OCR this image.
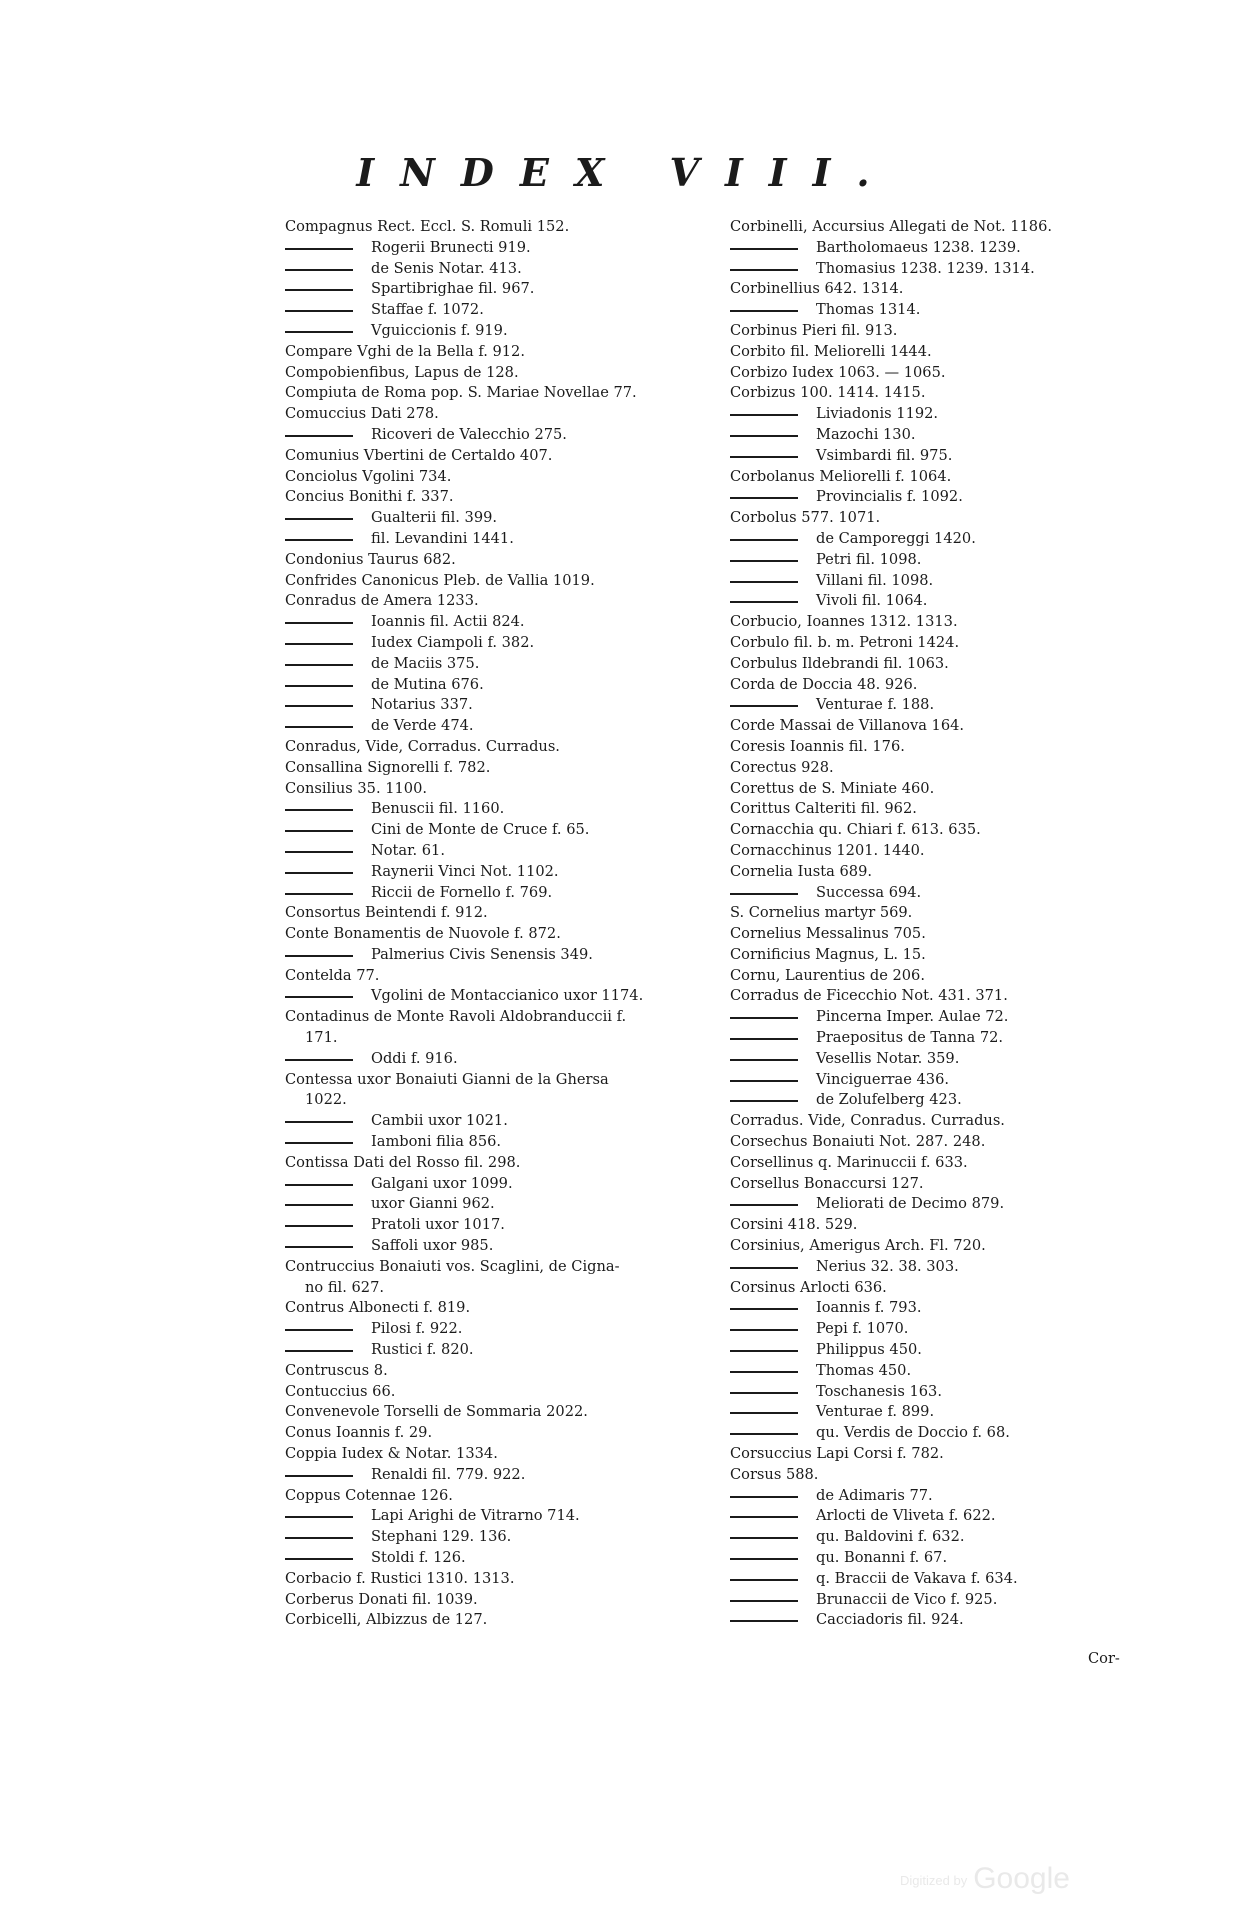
INDEX VIII.
Compagnus Rect. Eccl. S. Romuli 152.
Rogerii Brunecti 919.
de Senis Notar. 413.
Spartibrighae fil. 967.
Staffae f. 1072.
Vguiccionis f. 919.
Compare Vghi de la Bella f. 912.
Compobienfibus, Lapus de 128.
Compiuta de Roma pop. S. Mariae Novellae 77.
Comuccius Dati 278.
Ricoveri de Valecchio 275.
Comunius Vbertini de Certaldo 407.
Conciolus Vgolini 734.
Concius Bonithi f. 337.
Gualterii fil. 399.
fil. Levandini 1441.
Condonius Taurus 682.
Confrides Canonicus Pleb. de Vallia 1019.
Conradus de Amera 1233.
Ioannis fil. Actii 824.
Iudex Ciampoli f. 382.
de Maciis 375.
de Mutina 676.
Notarius 337.
de Verde 474.
Conradus, Vide, Corradus. Curradus.
Consallina Signorelli f. 782.
Consilius 35. 1100.
Benuscii fil. 1160.
Cini de Monte de Cruce f. 65.
Notar. 61.
Raynerii Vinci Not. 1102.
Riccii de Fornello f. 769.
Consortus Beintendi f. 912.
Conte Bonamentis de Nuovole f. 872.
Palmerius Civis Senensis 349.
Contelda 77.
Vgolini de Montaccianico uxor 1174.
Contadinus de Monte Ravoli Aldobranduccii f.
171.
Oddi f. 916.
Contessa uxor Bonaiuti Gianni de la Ghersa
1022.
Cambii uxor 1021.
Iamboni filia 856.
Contissa Dati del Rosso fil. 298.
Galgani uxor 1099.
uxor Gianni 962.
Pratoli uxor 1017.
Saffoli uxor 985.
Contruccius Bonaiuti vos. Scaglini, de Cigna-
no fil. 627.
Contrus Albonecti f. 819.
Pilosi f. 922.
Rustici f. 820.
Contruscus 8.
Contuccius 66.
Convenevole Torselli de Sommaria 2022.
Conus Ioannis f. 29.
Coppia Iudex & Notar. 1334.
Renaldi fil. 779. 922.
Coppus Cotennae 126.
Lapi Arighi de Vitrarno 714.
Stephani 129. 136.
Stoldi f. 126.
Corbacio f. Rustici 1310. 1313.
Corberus Donati fil. 1039.
Corbicelli, Albizzus de 127.
Corbinelli, Accursius Allegati de Not. 1186.
Bartholomaeus 1238. 1239.
Thomasius 1238. 1239. 1314.
Corbinellius 642. 1314.
Thomas 1314.
Corbinus Pieri fil. 913.
Corbito fil. Meliorelli 1444.
Corbizo Iudex 1063. — 1065.
Corbizus 100. 1414. 1415.
Liviadonis 1192.
Mazochi 130.
Vsimbardi fil. 975.
Corbolanus Meliorelli f. 1064.
Provincialis f. 1092.
Corbolus 577. 1071.
de Camporeggi 1420.
Petri fil. 1098.
Villani fil. 1098.
Vivoli fil. 1064.
Corbucio, Ioannes 1312. 1313.
Corbulo fil. b. m. Petroni 1424.
Corbulus Ildebrandi fil. 1063.
Corda de Doccia 48. 926.
Venturae f. 188.
Corde Massai de Villanova 164.
Coresis Ioannis fil. 176.
Corectus 928.
Corettus de S. Miniate 460.
Corittus Calteriti fil. 962.
Cornacchia qu. Chiari f. 613. 635.
Cornacchinus 1201. 1440.
Cornelia Iusta 689.
Successa 694.
S. Cornelius martyr 569.
Cornelius Messalinus 705.
Cornificius Magnus, L. 15.
Cornu, Laurentius de 206.
Corradus de Ficecchio Not. 431. 371.
Pincerna Imper. Aulae 72.
Praepositus de Tanna 72.
Vesellis Notar. 359.
Vinciguerrae 436.
de Zolufelberg 423.
Corradus. Vide, Conradus. Curradus.
Corsechus Bonaiuti Not. 287. 248.
Corsellinus q. Marinuccii f. 633.
Corsellus Bonaccursi 127.
Meliorati de Decimo 879.
Corsini 418. 529.
Corsinius, Amerigus Arch. Fl. 720.
Nerius 32. 38. 303.
Corsinus Arlocti 636.
Ioannis f. 793.
Pepi f. 1070.
Philippus 450.
Thomas 450.
Toschanesis 163.
Venturae f. 899.
qu. Verdis de Doccio f. 68.
Corsuccius Lapi Corsi f. 782.
Corsus 588.
de Adimaris 77.
Arlocti de Vliveta f. 622.
qu. Baldovini f. 632.
qu. Bonanni f. 67.
q. Braccii de Vakava f. 634.
Brunaccii de Vico f. 925.
Cacciadoris fil. 924.
Cor-
Digitized by Google
